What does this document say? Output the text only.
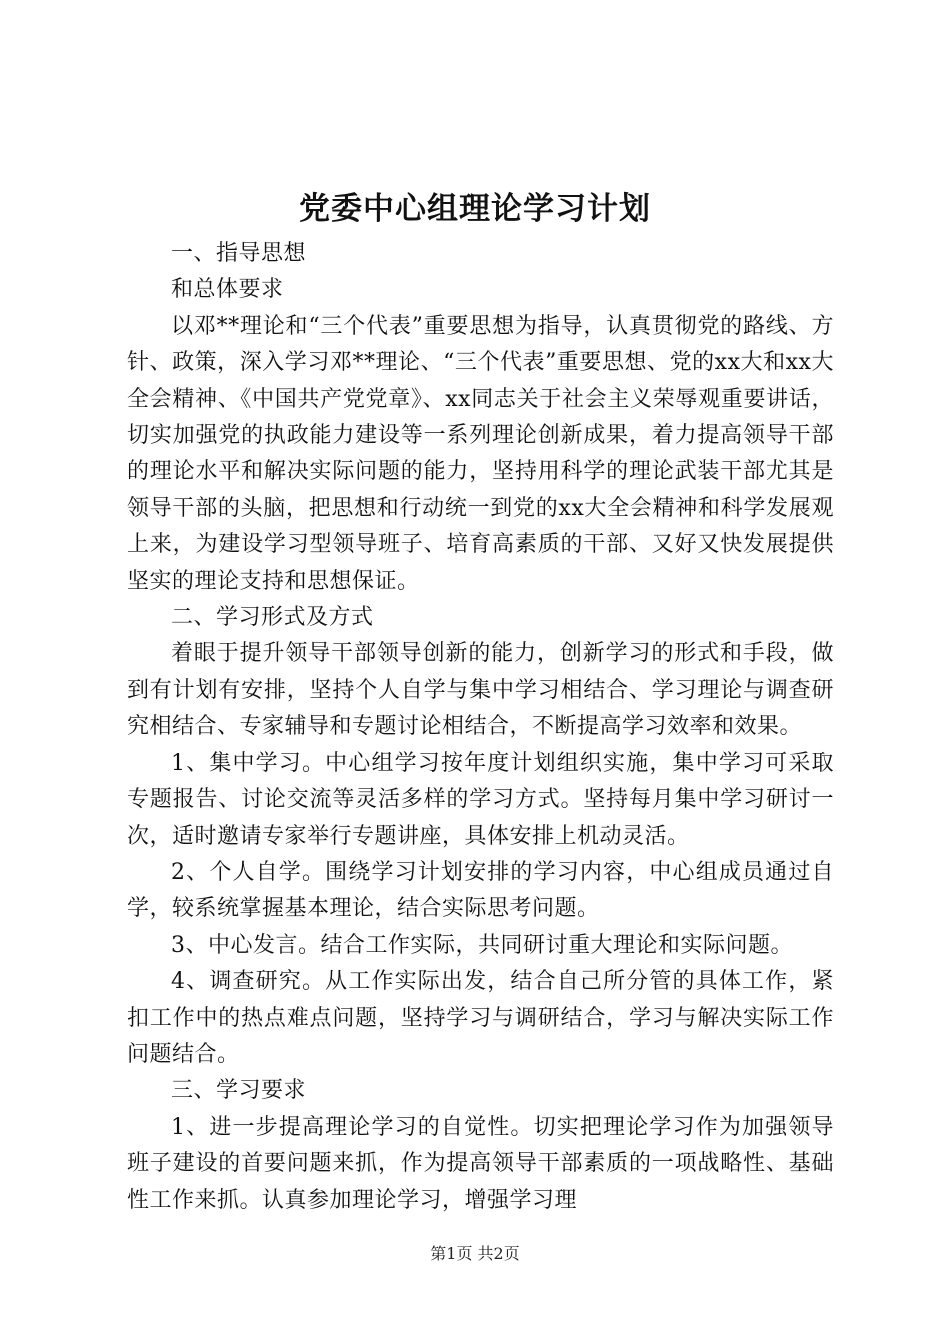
党委中心组理论学习计划

一、指导思想

和总体要求

以邓**理论和“三个代表”重要思想为指导，认真贯彻党的路线、方针、政策，深入学习邓**理论、“三个代表”重要思想、党的xx大和xx大全会精神、《中国共产党党章》、xx同志关于社会主义荣辱观重要讲话，切实加强党的执政能力建设等一系列理论创新成果，着力提高领导干部的理论水平和解决实际问题的能力，坚持用科学的理论武装干部尤其是领导干部的头脑，把思想和行动统一到党的xx大全会精神和科学发展观上来，为建设学习型领导班子、培育高素质的干部、又好又快发展提供坚实的理论支持和思想保证。

二、学习形式及方式

着眼于提升领导干部领导创新的能力，创新学习的形式和手段，做到有计划有安排，坚持个人自学与集中学习相结合、学习理论与调查研究相结合、专家辅导和专题讨论相结合，不断提高学习效率和效果。

1、集中学习。中心组学习按年度计划组织实施，集中学习可采取专题报告、讨论交流等灵活多样的学习方式。坚持每月集中学习研讨一次，适时邀请专家举行专题讲座，具体安排上机动灵活。

2、个人自学。围绕学习计划安排的学习内容，中心组成员通过自学，较系统掌握基本理论，结合实际思考问题。

3、中心发言。结合工作实际，共同研讨重大理论和实际问题。

4、调查研究。从工作实际出发，结合自己所分管的具体工作，紧扣工作中的热点难点问题，坚持学习与调研结合，学习与解决实际工作问题结合。

三、学习要求

1、进一步提高理论学习的自觉性。切实把理论学习作为加强领导班子建设的首要问题来抓，作为提高领导干部素质的一项战略性、基础性工作来抓。认真参加理论学习，增强学习理

第1页 共2页
